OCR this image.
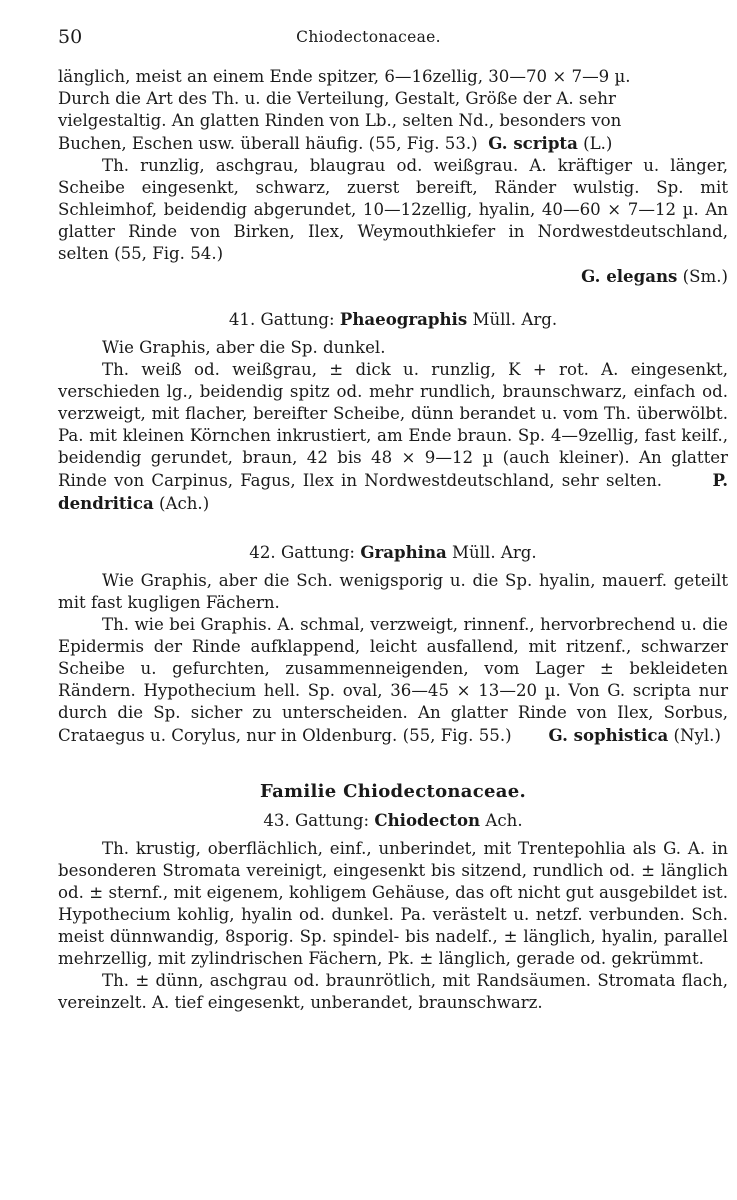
50	Chiodectonaceae.

länglich, meist an einem Ende spitzer, 6—16zellig, 30—70 × 7—9 µ.
Durch die Art des Th. u. die Verteilung, Gestalt, Größe der A. sehr
vielgestaltig. An glatten Rinden von Lb., selten Nd., besonders von
Buchen, Eschen usw. überall häufig. (55, Fig. 53.) G. scripta (L.)

Th. runzlig, aschgrau, blaugrau od. weißgrau. A. kräftiger u. länger, Scheibe eingesenkt, schwarz, zuerst bereift, Ränder wulstig. Sp. mit Schleimhof, beidendig abgerundet, 10—12zellig, hyalin, 40—60 × 7—12 µ. An glatter Rinde von Birken, Ilex, Weymouthkiefer in Nordwestdeutschland, selten (55, Fig. 54.)

G. elegans (Sm.)

41. Gattung: Phaeographis Müll. Arg.

Wie Graphis, aber die Sp. dunkel.

Th. weiß od. weißgrau, ± dick u. runzlig, K + rot. A. eingesenkt, verschieden lg., beidendig spitz od. mehr rundlich, braunschwarz, einfach od. verzweigt, mit flacher, bereifter Scheibe, dünn berandet u. vom Th. überwölbt. Pa. mit kleinen Körnchen inkrustiert, am Ende braun. Sp. 4—9zellig, fast keilf., beidendig gerundet, braun, 42 bis 48 × 9—12 µ (auch kleiner). An glatter Rinde von Carpinus, Fagus, Ilex in Nordwestdeutschland, sehr selten.	P. dendritica (Ach.)

42. Gattung: Graphina Müll. Arg.

Wie Graphis, aber die Sch. wenigsporig u. die Sp. hyalin, mauerf. geteilt mit fast kugligen Fächern.

Th. wie bei Graphis. A. schmal, verzweigt, rinnenf., hervorbrechend u. die Epidermis der Rinde aufklappend, leicht ausfallend, mit ritzenf., schwarzer Scheibe u. gefurchten, zusammenneigenden, vom Lager ± bekleideten Rändern. Hypothecium hell. Sp. oval, 36—45 × 13—20 µ. Von G. scripta nur durch die Sp. sicher zu unterscheiden. An glatter Rinde von Ilex, Sorbus, Crataegus u. Corylus, nur in Oldenburg. (55, Fig. 55.) G. sophistica (Nyl.)

Familie Chiodectonaceae.

43. Gattung: Chiodecton Ach.

Th. krustig, oberflächlich, einf., unberindet, mit Trentepohlia als G. A. in besonderen Stromata vereinigt, eingesenkt bis sitzend, rundlich od. ± länglich od. ± sternf., mit eigenem, kohligem Gehäuse, das oft nicht gut ausgebildet ist. Hypothecium kohlig, hyalin od. dunkel. Pa. verästelt u. netzf. verbunden. Sch. meist dünnwandig, 8sporig. Sp. spindel- bis nadelf., ± länglich, hyalin, parallel mehrzellig, mit zylindrischen Fächern, Pk. ± länglich, gerade od. gekrümmt.

Th. ± dünn, aschgrau od. braunrötlich, mit Randsäumen. Stromata flach, vereinzelt. A. tief eingesenkt, unberandet, braunschwarz.
